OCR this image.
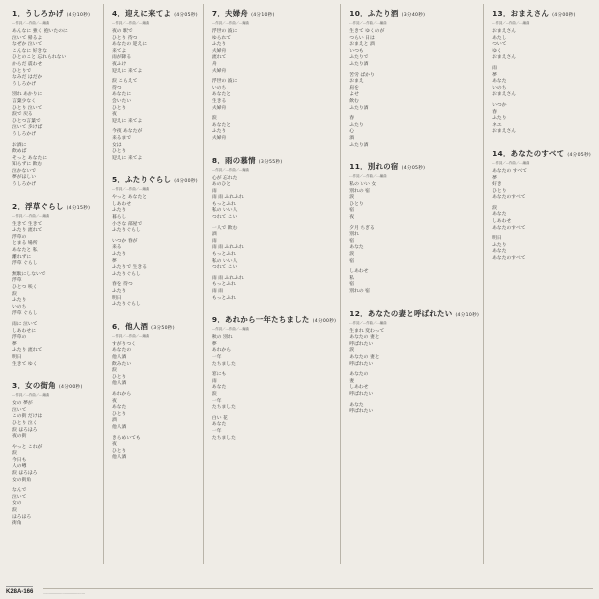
1．うしろかげ (4分10秒)
…作詞／…作曲／…編曲
あんなに 強く 抱いたのに
泣いて 帰るよ
なぜか 泣いて
こんなに 好きな
ひとのこと 忘れられない
からだ 震わせ
ひとりで
なみだ はだか
うしろかげ
別れ あかりに
言葉少なく
ひとり 泣いて
涙で 戻る
ひとつ言葉で
泣いて 歩けば
うしろかげ
お酒に
飲めば
そっと あなたに
知らずに 飲む
泣かないで
夢がほしい
うしろかげ
2．浮草ぐらし (4分15秒)
…作詞／…作曲／…編曲
生きて 生きて
ふたり 流れて
浮草の
とまる 場所
あなたと 私
離れずに
浮草 ぐらし
無駄にしないで
浮草
ひとつ 咲く
涙
ふたり
いのち
浮草 ぐらし
雨に 泣いて
しあわせに
浮草の
夢
ふたり 流れて
明日
生きて ゆく
3．女の街角 (4分00秒)
…作詞／…作曲／…編曲
女の 夢が
泣いて
この街 だけは
ひとり 泣く
涙 ほろほろ
夜の街
やっと これが
涙
今日も
人の噂
涙 ほろほろ
女の街角
なんで
泣いて
女の
涙
ほろほろ
街角
4．迎えに来てよ (4分05秒)
…作詞／…作曲／…編曲
夜の 駅で
ひとり 待つ
あなたの 迎えに
来てよ
雨が降る
夜ふけ
迎えに 来てよ
涙 こらえて
待つ
あなたに
会いたい
ひとり
夜
迎えに 来てよ
今夜 あなたが
来るまで
女は
ひとり
迎えに 来てよ
5．ふたりぐらし (4分00秒)
…作詞／…作曲／…編曲
やっと あなたと
しあわせ
ふたり
暮らし
小さな 部屋で
ふたりぐらし
いつか 春が
来る
ふたり
夢
ふたりで 生きる
ふたりぐらし
春を 待つ
ふたり
明日
ふたりぐらし
6．他人酒 (3分50秒)
…作詞／…作曲／…編曲
すがりつく
あなたの
他人酒
飲みたい
涙
ひとり
他人酒
あれから
夜
あなた
ひとり
酒
他人酒
きらめいても
夜
ひとり
他人酒
7．夫婦舟 (4分10秒)
…作詞／…作曲／…編曲
浮世の 波に
ゆられて
ふたり
夫婦舟
流れて
舟
夫婦舟
浮世の 波に
いのち
あなたと
生きる
夫婦舟
涙
あなたと
ふたり
夫婦舟
8．雨の慕情 (3分55秒)
…作詞／…作曲／…編曲
心が 忘れた
あのひと
雨
雨 雨 ふれふれ
もっとふれ
私の いい人
つれて こい
一人で 飲む
酒
雨
雨 雨 ふれふれ
もっとふれ
私の いい人
つれて こい
雨 雨 ふれふれ
もっとふれ
雨 雨
もっとふれ
9．あれから一年たちました (4分00秒)
…作詞／…作曲／…編曲
秋の 別れ
夢
あれから
一年
たちました
窓にも
雨
あなた
涙
一年
たちました
白い 花
あなた
一年
たちました
10．ふたり酒 (3分40秒)
…作詞／…作曲／…編曲
生きて ゆくのが
つらい 日は
おまえと 酒
いつも
ふたりで
ふたり酒
苦労 ばかり
おまえ
肩を
よせ
飲む
ふたり酒
春
ふたり
心
酒
ふたり酒
11．別れの宿 (4分05秒)
…作詞／…作曲／…編曲
私の いい 女
別れの 宿
涙
ひとり
宿
夜
夕月 ちぎる
別れ
宿
あなた
涙
宿
しあわせ
私
宿
別れの 宿
12．あなたの妻と呼ばれたい (4分10秒)
…作詞／…作曲／…編曲
生まれ 変わって
あなたの 妻と
呼ばれたい
涙
あなたの 妻と
呼ばれたい
あなたの
妻
しあわせ
呼ばれたい
あなた
呼ばれたい
13．おまえさん (4分00秒)
…作詞／…作曲／…編曲
おまえさん
あたし
ついて
ゆく
おまえさん
雨
夢
あなた
いのち
おまえさん
いつか
春
ふたり
ネエ
おまえさん
14．あなたのすべて (4分05秒)
…作詞／…作曲／…編曲
あなたの すべて
夢
好き
ひとり
あなたのすべて
涙
あなた
しあわせ
あなたのすべて
明日
ふたり
あなた
あなたのすべて
K28A-166	…………………………………
